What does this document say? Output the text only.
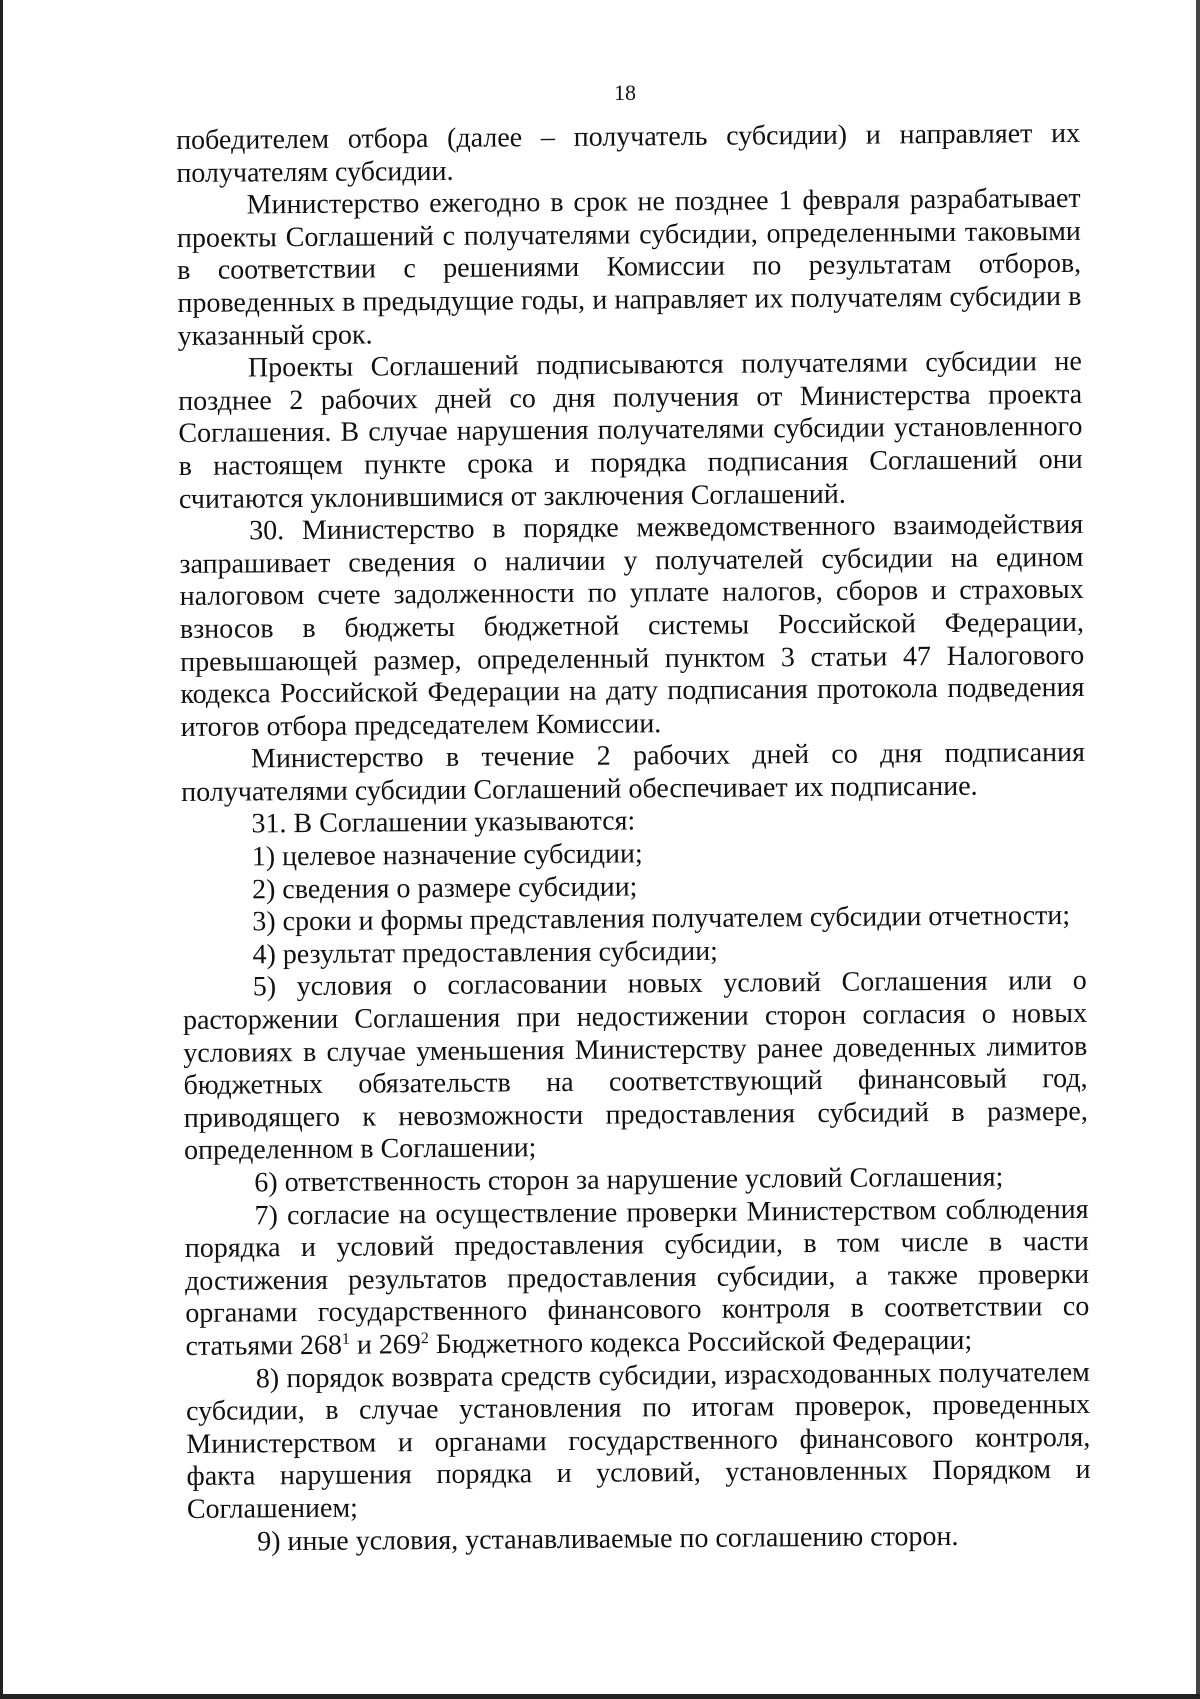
18

победителем отбора (далее – получатель субсидии) и направляет их получателям субсидии.

Министерство ежегодно в срок не позднее 1 февраля разрабатывает проекты Соглашений с получателями субсидии, определенными таковыми в соответствии с решениями Комиссии по результатам отборов, проведенных в предыдущие годы, и направляет их получателям субсидии в указанный срок.

Проекты Соглашений подписываются получателями субсидии не позднее 2 рабочих дней со дня получения от Министерства проекта Соглашения. В случае нарушения получателями субсидии установленного в настоящем пункте срока и порядка подписания Соглашений они считаются уклонившимися от заключения Соглашений.

30. Министерство в порядке межведомственного взаимодействия запрашивает сведения о наличии у получателей субсидии на едином налоговом счете задолженности по уплате налогов, сборов и страховых взносов в бюджеты бюджетной системы Российской Федерации, превышающей размер, определенный пунктом 3 статьи 47 Налогового кодекса Российской Федерации на дату подписания протокола подведения итогов отбора председателем Комиссии.

Министерство в течение 2 рабочих дней со дня подписания получателями субсидии Соглашений обеспечивает их подписание.

31. В Соглашении указываются:

1) целевое назначение субсидии;

2) сведения о размере субсидии;

3) сроки и формы представления получателем субсидии отчетности;

4) результат предоставления субсидии;

5) условия о согласовании новых условий Соглашения или о расторжении Соглашения при недостижении сторон согласия о новых условиях в случае уменьшения Министерству ранее доведенных лимитов бюджетных обязательств на соответствующий финансовый год, приводящего к невозможности предоставления субсидий в размере, определенном в Соглашении;

6) ответственность сторон за нарушение условий Соглашения;

7) согласие на осуществление проверки Министерством соблюдения порядка и условий предоставления субсидии, в том числе в части достижения результатов предоставления субсидии, а также проверки органами государственного финансового контроля в соответствии со статьями $268^1$ и $269^2$ Бюджетного кодекса Российской Федерации;

8) порядок возврата средств субсидии, израсходованных получателем субсидии, в случае установления по итогам проверок, проведенных Министерством и органами государственного финансового контроля, факта нарушения порядка и условий, установленных Порядком и Соглашением;

9) иные условия, устанавливаемые по соглашению сторон.
